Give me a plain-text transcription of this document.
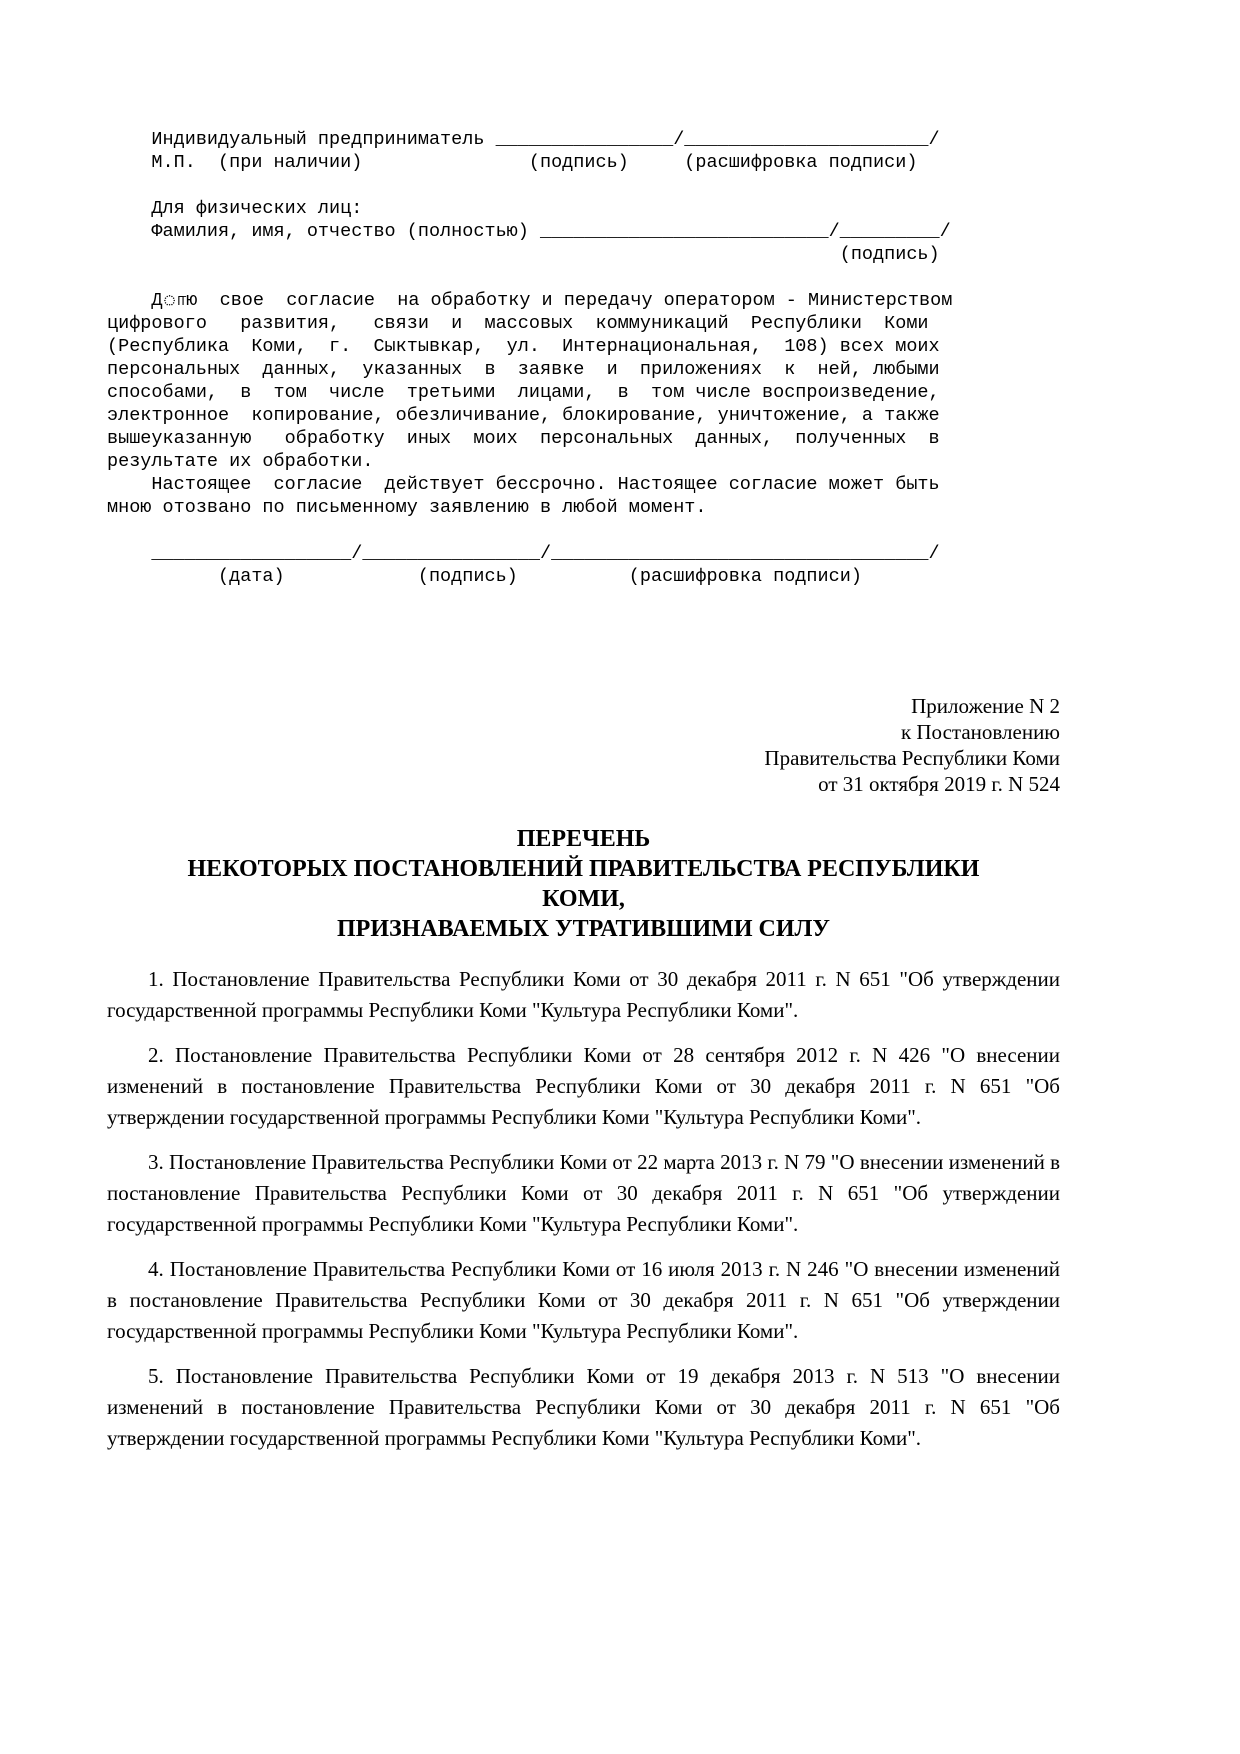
Индивидуальный предприниматель ________________/______________________/
М.П.  (при наличии)               (подпись)     (расшифровка подписи)
Для физических лиц:
Фамилия, имя, отчество (полностью) __________________________/_________/
(подпись)
Дாю  свое  согласие  на обработку и передачу оператором - Министерством
цифрового   развития,   связи  и  массовых  коммуникаций  Республики  Коми
(Республика  Коми,  г.  Сыктывкар,  ул.  Интернациональная,  108) всех моих
персональных  данных,  указанных  в  заявке  и  приложениях  к  ней, любыми
способами,  в  том  числе  третьими  лицами,  в  том числе воспроизведение,
электронное  копирование, обезличивание, блокирование, уничтожение, а также
вышеуказанную   обработку  иных  моих  персональных  данных,  полученных  в
результате их обработки.
Настоящее  согласие  действует бессрочно. Настоящее согласие может быть
мною отозвано по письменному заявлению в любой момент.
__________________/________________/__________________________________/
(дата)            (подпись)          (расшифровка подписи)
Приложение N 2
к Постановлению
Правительства Республики Коми
от 31 октября 2019 г. N 524
ПЕРЕЧЕНЬ
НЕКОТОРЫХ ПОСТАНОВЛЕНИЙ ПРАВИТЕЛЬСТВА РЕСПУБЛИКИ
КОМИ,
ПРИЗНАВАЕМЫХ УТРАТИВШИМИ СИЛУ

1. Постановление Правительства Республики Коми от 30 декабря 2011 г. N 651 "Об утверждении государственной программы Республики Коми "Культура Республики Коми".

2. Постановление Правительства Республики Коми от 28 сентября 2012 г. N 426 "О внесении изменений в постановление Правительства Республики Коми от 30 декабря 2011 г. N 651 "Об утверждении государственной программы Республики Коми "Культура Республики Коми".

3. Постановление Правительства Республики Коми от 22 марта 2013 г. N 79 "О внесении изменений в постановление Правительства Республики Коми от 30 декабря 2011 г. N 651 "Об утверждении государственной программы Республики Коми "Культура Республики Коми".

4. Постановление Правительства Республики Коми от 16 июля 2013 г. N 246 "О внесении изменений в постановление Правительства Республики Коми от 30 декабря 2011 г. N 651 "Об утверждении государственной программы Республики Коми "Культура Республики Коми".

5. Постановление Правительства Республики Коми от 19 декабря 2013 г. N 513 "О внесении изменений в постановление Правительства Республики Коми от 30 декабря 2011 г. N 651 "Об утверждении государственной программы Республики Коми "Культура Республики Коми".
